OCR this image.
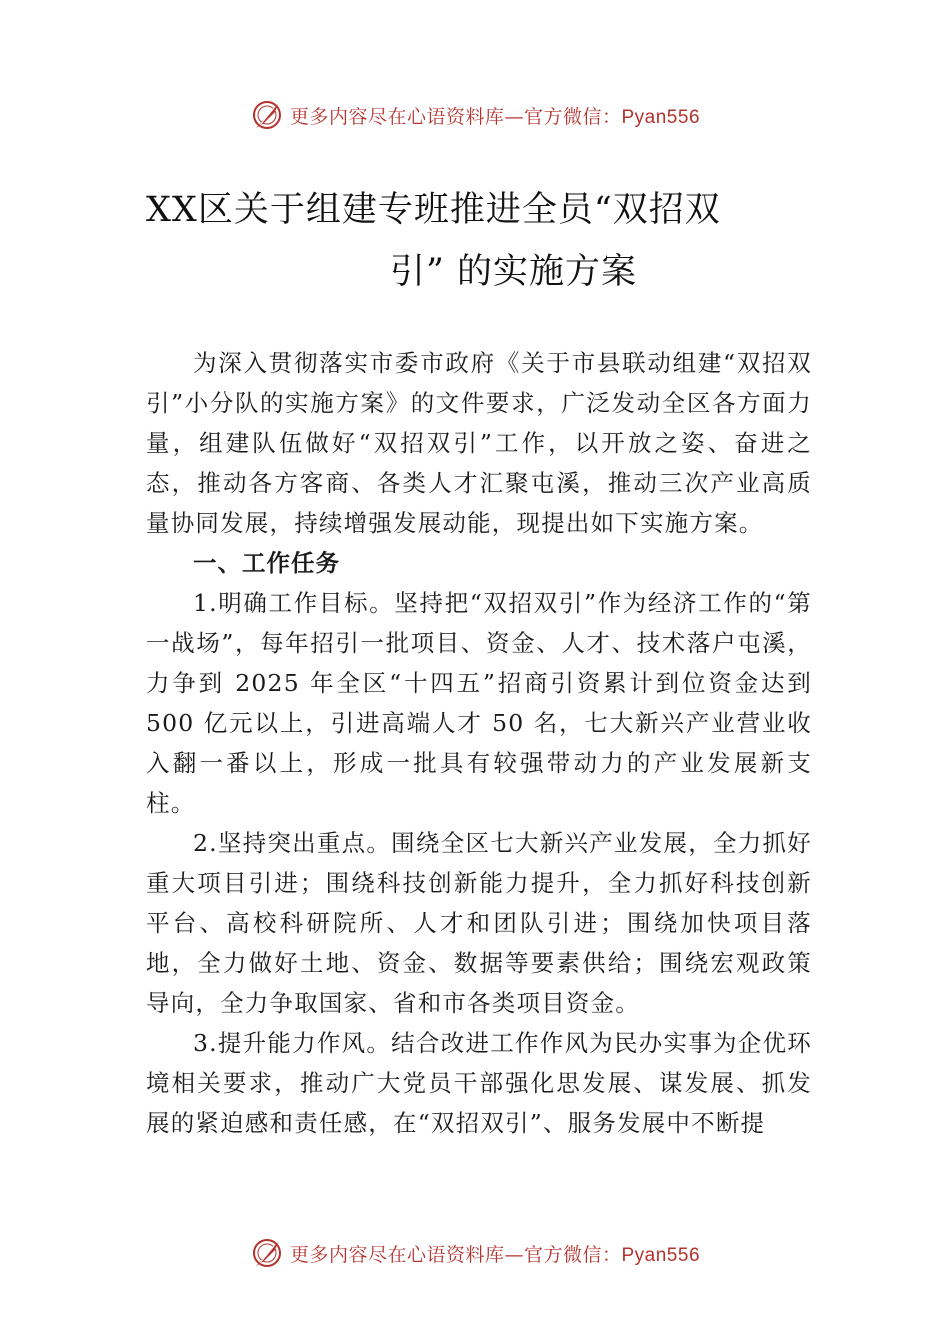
更多内容尽在心语资料库—官方微信：Pyan556
XX区关于组建专班推进全员“双招双
引” 的实施方案

为深入贯彻落实市委市政府《关于市县联动组建“双招双引”小分队的实施方案》的文件要求，广泛发动全区各方面力量，组建队伍做好“双招双引”工作，以开放之姿、奋进之态，推动各方客商、各类人才汇聚屯溪，推动三次产业高质量协同发展，持续增强发展动能，现提出如下实施方案。

一、工作任务

1.明确工作目标。坚持把“双招双引”作为经济工作的“第一战场”，每年招引一批项目、资金、人才、技术落户屯溪，力争到 2025 年全区“十四五”招商引资累计到位资金达到 500 亿元以上，引进高端人才 50 名，七大新兴产业营业收入翻一番以上，形成一批具有较强带动力的产业发展新支柱。

2.坚持突出重点。围绕全区七大新兴产业发展，全力抓好重大项目引进；围绕科技创新能力提升，全力抓好科技创新平台、高校科研院所、人才和团队引进；围绕加快项目落地，全力做好土地、资金、数据等要素供给；围绕宏观政策导向，全力争取国家、省和市各类项目资金。

3.提升能力作风。结合改进工作作风为民办实事为企优环境相关要求，推动广大党员干部强化思发展、谋发展、抓发展的紧迫感和责任感，在“双招双引”、服务发展中不断提

更多内容尽在心语资料库—官方微信：Pyan556
